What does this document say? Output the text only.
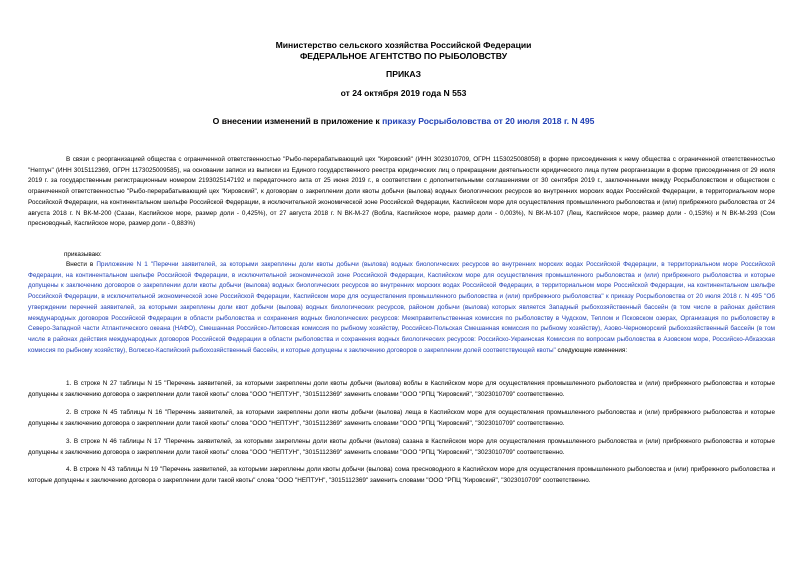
Министерство сельского хозяйства Российской Федерации
ФЕДЕРАЛЬНОЕ АГЕНТСТВО ПО РЫБОЛОВСТВУ
ПРИКАЗ
от 24 октября 2019 года N 553
О внесении изменений в приложение к приказу Росрыболовства от 20 июля 2018 г. N 495

В связи с реорганизацией общества с ограниченной ответственностью "Рыбо-перерабатывающий цех "Кировский" (ИНН 3023010709, ОГРН 1153025008058) в форме присоединения к нему общества с ограниченной ответственностью "Нептун" (ИНН 3015112369, ОГРН 1173025009585), на основании записи из выписки из Единого государственного реестра юридических лиц о прекращении деятельности юридического лица путем реорганизации в форме присоединения от 29 июля 2019 г. за государственным регистрационным номером 2193025147192 и передаточного акта от 25 июня 2019 г., в соответствии с дополнительными соглашениями от 30 сентября 2019 г., заключенными между Росрыболовством и обществом с ограниченной ответственностью "Рыбо-перерабатывающий цех "Кировский", к договорам о закреплении доли квоты добычи (вылова) водных биологических ресурсов во внутренних морских водах Российской Федерации, в территориальном море Российской Федерации, на континентальном шельфе Российской Федерации, в исключительной экономической зоне Российской Федерации, Каспийском море для осуществления промышленного рыболовства и (или) прибрежного рыболовства от 24 августа 2018 г. N ВК-М-200 (Сазан, Каспийское море, размер доли - 0,425%), от 27 августа 2018 г. N ВК-М-27 (Вобла, Каспийское море, размер доли - 0,003%), N ВК-М-107 (Лещ, Каспийское море, размер доли - 0,153%) и N ВК-М-293 (Сом пресноводный, Каспийское море, размер доли - 0,883%)

приказываю:

Внести в Приложение N 1 "Перечни заявителей, за которыми закреплены доли квоты добычи (вылова) водных биологических ресурсов во внутренних морских водах Российской Федерации, в территориальном море Российской Федерации, на континентальном шельфе Российской Федерации, в исключительной экономической зоне Российской Федерации, Каспийском море для осуществления промышленного рыболовства и (или) прибрежного рыболовства и которые допущены к заключению договоров о закреплении доли квоты добычи (вылова) водных биологических ресурсов во внутренних морских водах Российской Федерации, в территориальном море Российской Федерации, на континентальном шельфе Российской Федерации, в исключительной экономической зоне Российской Федерации, Каспийском море для осуществления промышленного рыболовства и (или) прибрежного рыболовства" к приказу Росрыболовства от 20 июля 2018 г. N 495 "Об утверждении перечней заявителей, за которыми закреплены доли квот добычи (вылова) водных биологических ресурсов, районом добычи (вылова) которых является Западный рыбохозяйственный бассейн (в том числе в районах действия международных договоров Российской Федерации в области рыболовства и сохранения водных биологических ресурсов: Межправительственная комиссия по рыболовству в Чудском, Теплом и Псковском озерах, Организация по рыболовству в Северо-Западной части Атлантического океана (НАФО), Смешанная Российско-Литовская комиссия по рыбному хозяйству, Российско-Польская Смешанная комиссия по рыбному хозяйству), Азово-Черноморский рыбохозяйственный бассейн (в том числе в районах действия международных договоров Российской Федерации в области рыболовства и сохранения водных биологических ресурсов: Российско-Украинская Комиссия по вопросам рыболовства в Азовском море, Российско-Абхазская комиссия по рыбному хозяйству), Волжско-Каспийский рыбохозяйственный бассейн, и которые допущены к заключению договоров о закреплении долей соответствующей квоты" следующие изменения:

1. В строке N 27 таблицы N 15 "Перечень заявителей, за которыми закреплены доли квоты добычи (вылова) воблы в Каспийском море для осуществления промышленного рыболовства и (или) прибрежного рыболовства и которые допущены к заключению договора о закреплении доли такой квоты" слова "ООО "НЕПТУН", "3015112369" заменить словами "ООО "РПЦ "Кировский", "3023010709" соответственно.

2. В строке N 45 таблицы N 16 "Перечень заявителей, за которыми закреплены доли квоты добычи (вылова) леща в Каспийском море для осуществления промышленного рыболовства и (или) прибрежного рыболовства и которые допущены к заключению договора о закреплении доли такой квоты" слова "ООО "НЕПТУН", "3015112369" заменить словами "ООО "РПЦ "Кировский", "3023010709" соответственно.

3. В строке N 46 таблицы N 17 "Перечень заявителей, за которыми закреплены доли квоты добычи (вылова) сазана в Каспийском море для осуществления промышленного рыболовства и (или) прибрежного рыболовства и которые допущены к заключению договора о закреплении доли такой квоты" слова "ООО "НЕПТУН", "3015112369" заменить словами "ООО "РПЦ "Кировский", "3023010709" соответственно.

4. В строке N 43 таблицы N 19 "Перечень заявителей, за которыми закреплены доли квоты добычи (вылова) сома пресноводного в Каспийском море для осуществления промышленного рыболовства и (или) прибрежного рыболовства и которые допущены к заключению договора о закреплении доли такой квоты" слова "ООО "НЕПТУН", "3015112369" заменить словами "ООО "РПЦ "Кировский", "3023010709" соответственно.
